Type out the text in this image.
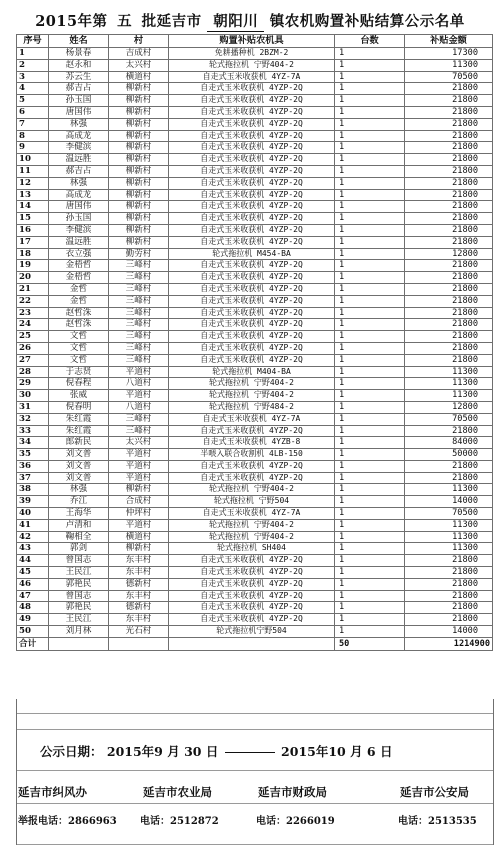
2015年第 五 批延吉市 朝阳川 镇农机购置补贴结算公示名单
序号	姓名	村	购置补贴农机具	台数	补贴金额
1	杨景春	吉成村	免耕播种机 2BZM-2	1	17300
2	赵永和	太兴村	轮式拖拉机 宁野404-2	1	11300
3	苏云生	横道村	自走式玉米收获机 4YZ-7A	1	70500
4	郝吉占	柳新村	自走式玉米收获机 4YZP-2Q	1	21800
5	孙玉国	柳新村	自走式玉米收获机 4YZP-2Q	1	21800
6	唐国伟	柳新村	自走式玉米收获机 4YZP-2Q	1	21800
7	林强	柳新村	自走式玉米收获机 4YZP-2Q	1	21800
8	高成龙	柳新村	自走式玉米收获机 4YZP-2Q	1	21800
9	李健滨	柳新村	自走式玉米收获机 4YZP-2Q	1	21800
10	温远胜	柳新村	自走式玉米收获机 4YZP-2Q	1	21800
11	郝吉占	柳新村	自走式玉米收获机 4YZP-2Q	1	21800
12	林强	柳新村	自走式玉米收获机 4YZP-2Q	1	21800
13	高成龙	柳新村	自走式玉米收获机 4YZP-2Q	1	21800
14	唐国伟	柳新村	自走式玉米收获机 4YZP-2Q	1	21800
15	孙玉国	柳新村	自走式玉米收获机 4YZP-2Q	1	21800
16	李健滨	柳新村	自走式玉米收获机 4YZP-2Q	1	21800
17	温远胜	柳新村	自走式玉米收获机 4YZP-2Q	1	21800
18	衣立强	勤劳村	轮式拖拉机 M454-BA	1	12800
19	金梧哲	三峰村	自走式玉米收获机 4YZP-2Q	1	21800
20	金梧哲	三峰村	自走式玉米收获机 4YZP-2Q	1	21800
21	金哲	三峰村	自走式玉米收获机 4YZP-2Q	1	21800
22	金哲	三峰村	自走式玉米收获机 4YZP-2Q	1	21800
23	赵哲洙	三峰村	自走式玉米收获机 4YZP-2Q	1	21800
24	赵哲洙	三峰村	自走式玉米收获机 4YZP-2Q	1	21800
25	文哲	三峰村	自走式玉米收获机 4YZP-2Q	1	21800
26	文哲	三峰村	自走式玉米收获机 4YZP-2Q	1	21800
27	文哲	三峰村	自走式玉米收获机 4YZP-2Q	1	21800
28	于志贤	平道村	轮式拖拉机 M404-BA	1	11300
29	倪春程	八道村	轮式拖拉机 宁野404-2	1	11300
30	张威	平道村	轮式拖拉机 宁野404-2	1	11300
31	倪春明	八道村	轮式拖拉机 宁野484-2	1	12800
32	朱红霞	三峰村	自走式玉米收获机 4YZ-7A	1	70500
33	朱红霞	三峰村	自走式玉米收获机 4YZP-2Q	1	21800
34	郎新民	太兴村	自走式玉米收获机 4YZB-8	1	84000
35	刘文普	平道村	半喂入联合收割机 4LB-150	1	50000
36	刘文普	平道村	自走式玉米收获机 4YZP-2Q	1	21800
37	刘文普	平道村	自走式玉米收获机 4YZP-2Q	1	21800
38	林强	柳新村	轮式拖拉机 宁野404-2	1	11300
39	乔江	合成村	轮式拖拉机 宁野504	1	14000
40	王海华	仲坪村	自走式玉米收获机 4YZ-7A	1	70500
41	卢清和	平道村	轮式拖拉机 宁野404-2	1	11300
42	鞠相全	横道村	轮式拖拉机 宁野404-2	1	11300
43	郭剑	柳新村	轮式拖拉机 SH404	1	11300
44	曾国志	东丰村	自走式玉米收获机 4YZP-2Q	1	21800
45	王民江	东丰村	自走式玉米收获机 4YZP-2Q	1	21800
46	郭艳民	德新村	自走式玉米收获机 4YZP-2Q	1	21800
47	曾国志	东丰村	自走式玉米收获机 4YZP-2Q	1	21800
48	郭艳民	德新村	自走式玉米收获机 4YZP-2Q	1	21800
49	王民江	东丰村	自走式玉米收获机 4YZP-2Q	1	21800
50	刘月林	光石村	轮式拖拉机宁野504	1	14000
合计				50	1214900
公示日期： 2015年9 月 30 日	2015年10 月 6 日
延吉市纠风办	延吉市农业局	延吉市财政局	延吉市公安局
举报电话：2866963 电话：2512872	电话：2266019	电话：2513535
